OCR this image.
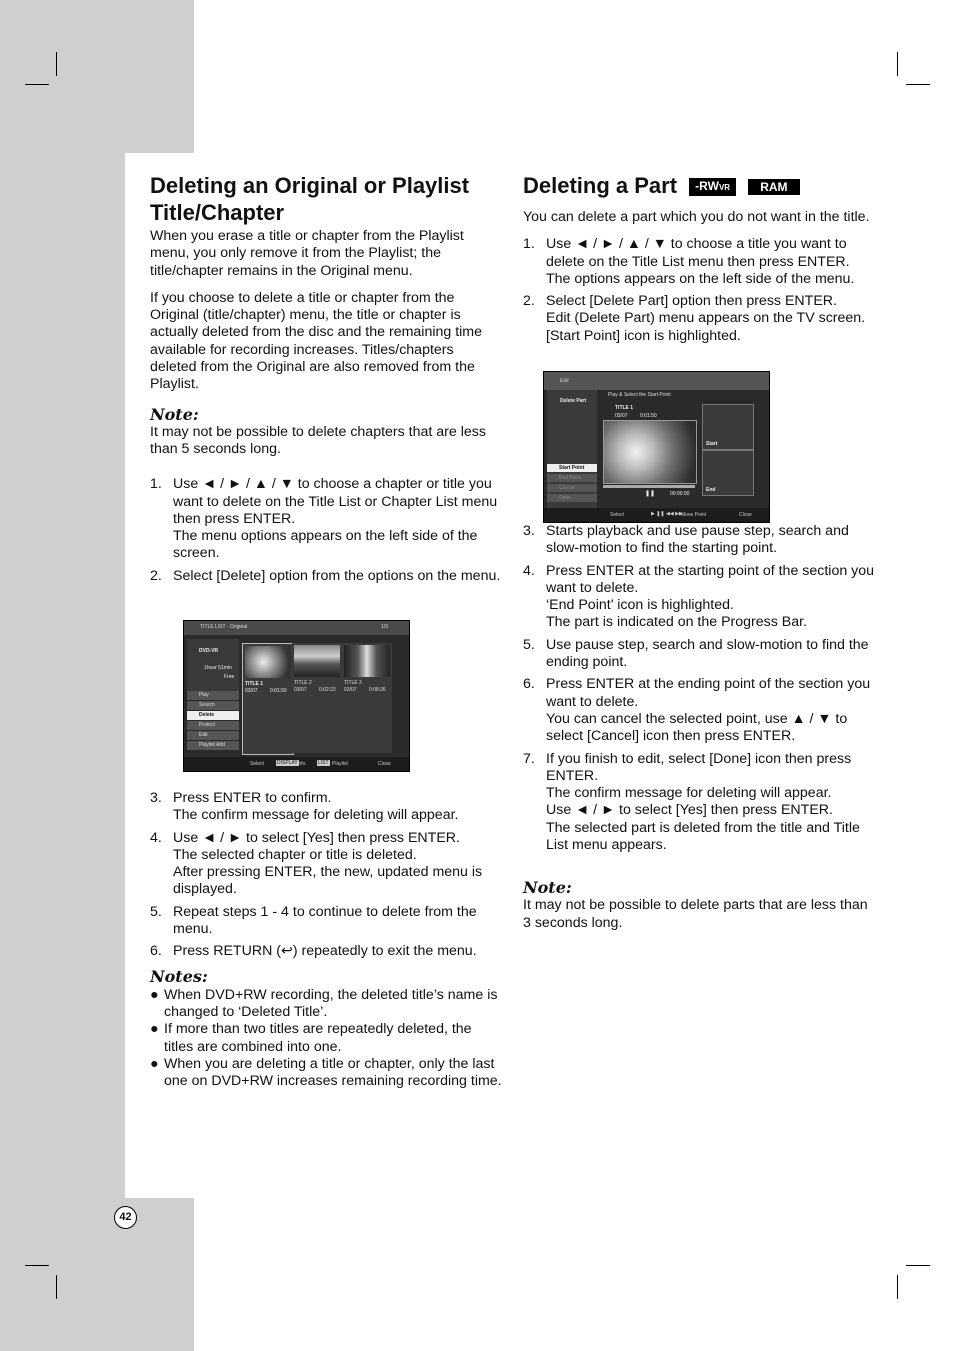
42
Deleting an Original or Playlist Title/Chapter

When you erase a title or chapter from the Playlist menu, you only remove it from the Playlist; the title/chapter remains in the Original menu.

If you choose to delete a title or chapter from the Original (title/chapter) menu, the title or chapter is actually deleted from the disc and the remaining time available for recording increases. Titles/chapters deleted from the Original are also removed from the Playlist.

Note:

It may not be possible to delete chapters that are less than 5 seconds long.

1. Use ◄ / ► / ▲ / ▼ to choose a chapter or title you want to delete on the Title List or Chapter List menu then press ENTER.
The menu options appears on the left side of the screen.
2. Select [Delete] option from the options on the menu.
TITLE LIST - Original	1/3
DVD-VR
1hour 51min
Free
Play
Search
Delete
Protect
Edit
Playlist Add
TITLE 1
03/07 0:01:50
TITLE 2
03/07 0:02:23
TITLE 3
03/07 0:08:26
Select	DISPLAY Info. LIST Playlist	Close
3. Press ENTER to confirm.
The confirm message for deleting will appear.
4. Use ◄ / ► to select [Yes] then press ENTER.
The selected chapter or title is deleted.
After pressing ENTER, the new, updated menu is displayed.
5. Repeat steps 1 - 4 to continue to delete from the menu.
6. Press RETURN (↩) repeatedly to exit the menu.
Notes:
● When DVD+RW recording, the deleted title’s name is changed to ‘Deleted Title’.
● If more than two titles are repeatedly deleted, the titles are combined into one.
● When you are deleting a title or chapter, only the last one on DVD+RW increases remaining recording time.
Deleting a Part -RWVR	RAM

You can delete a part which you do not want in the title.

1. Use ◄ / ► / ▲ / ▼ to choose a title you want to delete on the Title List menu then press ENTER.
The options appears on the left side of the menu.
2. Select [Delete Part] option then press ENTER.
Edit (Delete Part) menu appears on the TV screen.
[Start Point] icon is highlighted.
Edit
Play & Select the Start Point
Delete Part
Start Point
End Point
Cancel
Done
TITLE 1
03/07 0:01:50
❚❚	00:00:00
Start
End
Select	▶ ❚❚ ◀◀ ▶▶
Move Point	Close
3. Starts playback and use pause step, search and slow-motion to find the starting point.
4. Press ENTER at the starting point of the section you want to delete.
‘End Point’ icon is highlighted.
The part is indicated on the Progress Bar.
5. Use pause step, search and slow-motion to find the ending point.
6. Press ENTER at the ending point of the section you want to delete.
You can cancel the selected point, use ▲ / ▼ to select [Cancel] icon then press ENTER.
7. If you finish to edit, select [Done] icon then press ENTER.
The confirm message for deleting will appear.
Use ◄ / ► to select [Yes] then press ENTER.
The selected part is deleted from the title and Title List menu appears.
Note:

It may not be possible to delete parts that are less than 3 seconds long.
